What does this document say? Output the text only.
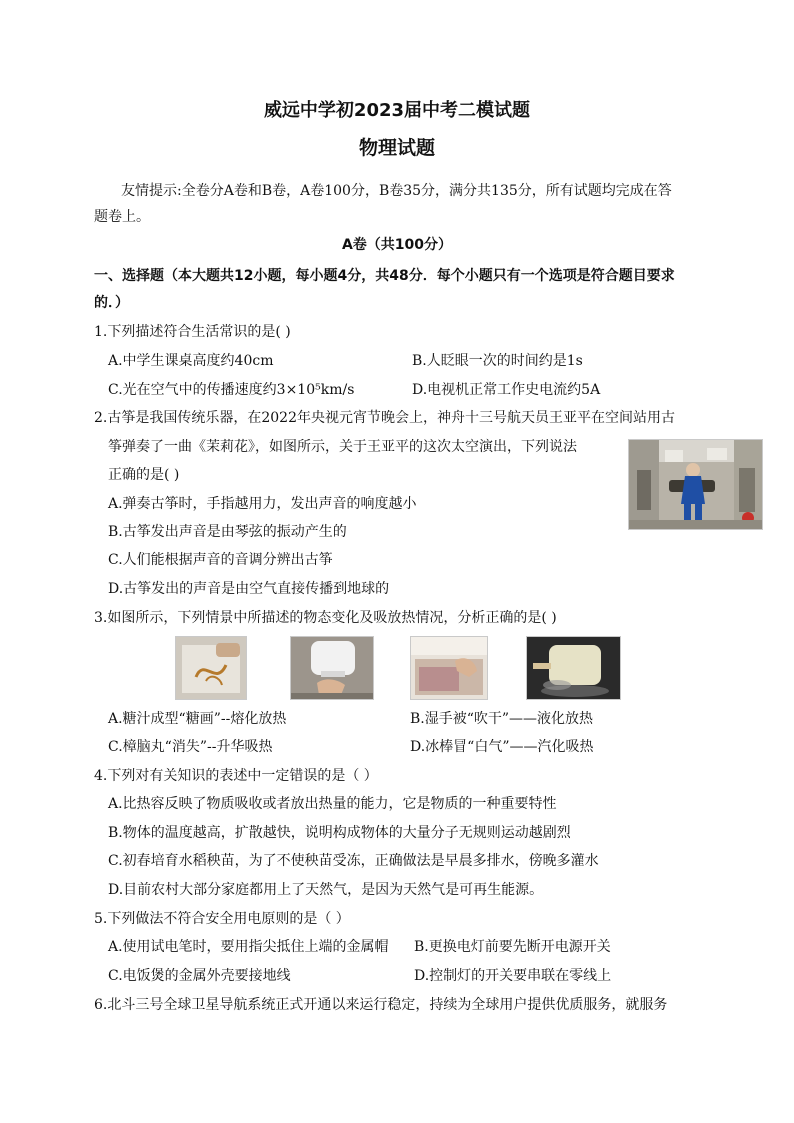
威远中学初2023届中考二模试题
物理试题
友情提示:全卷分A卷和B卷，A卷100分，B卷35分，满分共135分，所有试题均完成在答
题卷上。
A卷（共100分）
一、选择题（本大题共12小题，每小题4分，共48分．每个小题只有一个选项是符合题目要求
的．）
1.下列描述符合生活常识的是( )
A.中学生课桌高度约40cm	B.人眨眼一次的时间约是1s
C.光在空气中的传播速度约3×10⁵km/s	D.电视机正常工作史电流约5A
2.古筝是我国传统乐器，在2022年央视元宵节晚会上，神舟十三号航天员王亚平在空间站用古
筝弹奏了一曲《茉莉花》，如图所示，关于王亚平的这次太空演出，下列说法
正确的是( )
A.弹奏古筝时，手指越用力，发出声音的响度越小
B.古筝发出声音是由琴弦的振动产生的
C.人们能根据声音的音调分辨出古筝
D.古筝发出的声音是由空气直接传播到地球的
3.如图所示，下列情景中所描述的物态变化及吸放热情况，分析正确的是( )
A.糖汁成型“糖画”--熔化放热	B.湿手被“吹干”——液化放热
C.樟脑丸“消失”--升华吸热	D.冰棒冒“白气”——汽化吸热
4.下列对有关知识的表述中一定错误的是（ ）
A.比热容反映了物质吸收或者放出热量的能力，它是物质的一种重要特性
B.物体的温度越高，扩散越快，说明构成物体的大量分子无规则运动越剧烈
C.初春培育水稻秧苗，为了不使秧苗受冻，正确做法是早晨多排水，傍晚多灌水
D.目前农村大部分家庭都用上了天然气，是因为天然气是可再生能源。
5.下列做法不符合安全用电原则的是（ ）
A.使用试电笔时，要用指尖抵住上端的金属帽 B.更换电灯前要先断开电源开关
C.电饭煲的金属外壳要接地线	D.控制灯的开关要串联在零线上
6.北斗三号全球卫星导航系统正式开通以来运行稳定，持续为全球用户提供优质服务，就服务
